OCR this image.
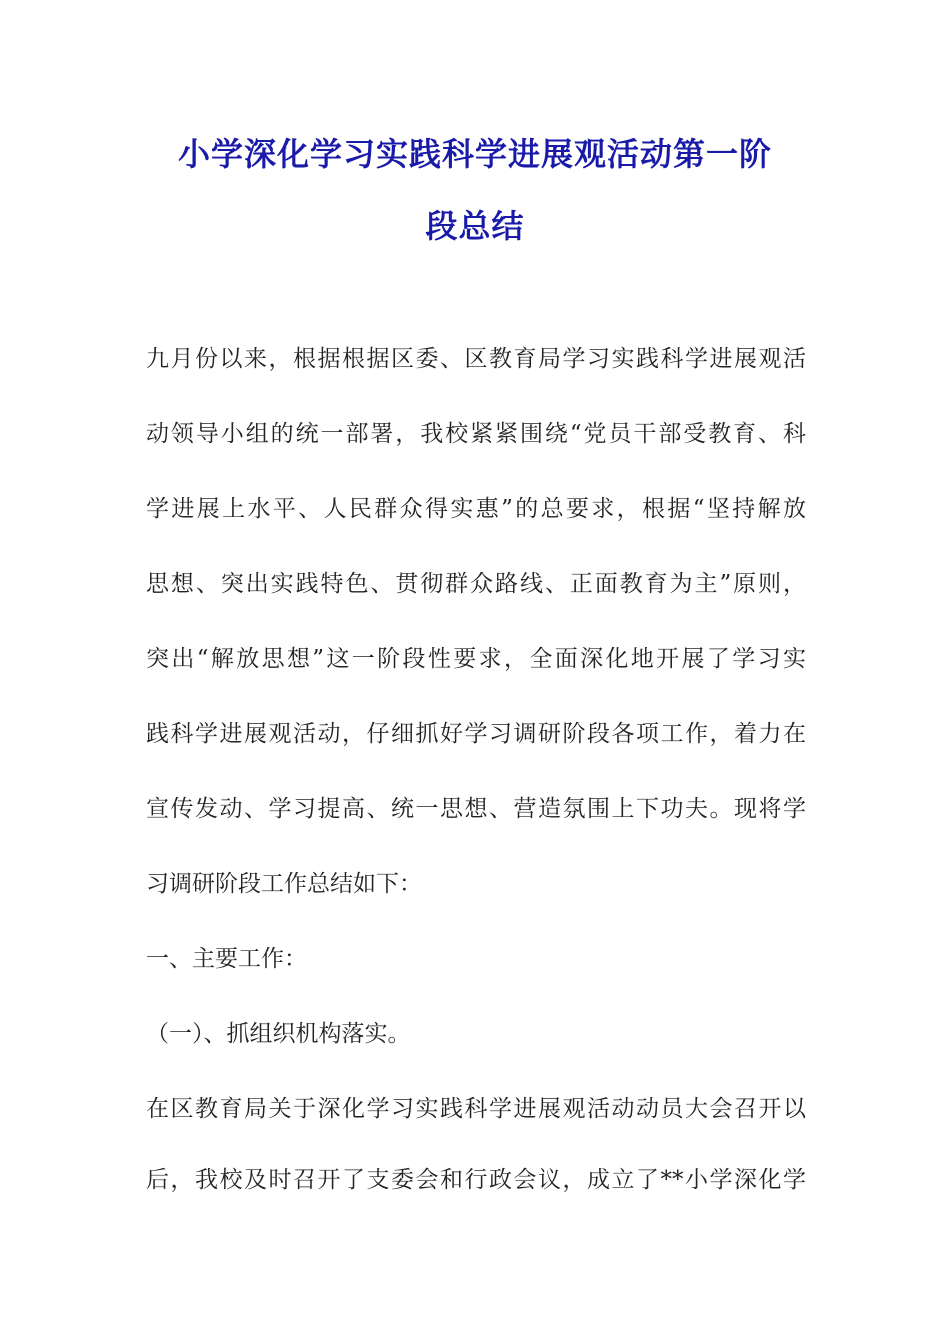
小学深化学习实践科学进展观活动第一阶
段总结

九月份以来，根据根据区委、区教育局学习实践科学进展观活

动领导小组的统一部署，我校紧紧围绕“党员干部受教育、科

学进展上水平、人民群众得实惠”的总要求，根据“坚持解放

思想、突出实践特色、贯彻群众路线、正面教育为主”原则，

突出“解放思想”这一阶段性要求，全面深化地开展了学习实

践科学进展观活动，仔细抓好学习调研阶段各项工作，着力在

宣传发动、学习提高、统一思想、营造氛围上下功夫。现将学

习调研阶段工作总结如下：

一、主要工作：

（一）、抓组织机构落实。

在区教育局关于深化学习实践科学进展观活动动员大会召开以

后，我校及时召开了支委会和行政会议，成立了**小学深化学
